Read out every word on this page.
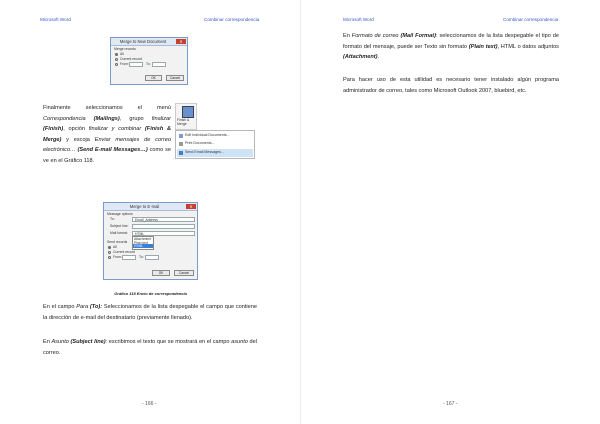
Microsoft Word	Combinar correspondencia
Merge to New Document	✕
Merge records
All
Current record
From:	To:
OK	Cancel

Finalmente seleccionamos el menú Correspondencia (Mailings), grupo finalizar (Finish), opción finalizar y combinar (Finish & Merge) y escoja Enviar mensajes de correo electrónico… (Send E-mail Messages…) como se ve en el Gráfico 118.

Finish & Merge
Edit Individual Documents...
Print Documents...
Send Email Messages...
Merge to E-mail	✕
Message options
To:	Email_Address
Subject line:
Mail format: HTML
Attachment
Plain text
HTML
Send records
All
Current record
From:	To:
OK	Cancel
Gráfico 118 Envío de correspondencia

En el campo Para (To): Seleccionamos de la lista despegable el campo que contiene la dirección de e-mail del destinatario (previamente llenado).

En Asunto (Subject line): escribimos el texto que se mostrará en el campo asunto del correo.

- 166 -
Microsoft Word	Combinar correspondencia

En Formato de correo (Mail Format): seleccionamos de la lista despegable el tipo de formato del mensaje, puede ser Texto sin formato (Plain text), HTML o datos adjuntos (Attachment).

Para hacer uso de esta utilidad es necesario tener instalado algún programa administrador de correo, tales como Microsoft Outlook 2007, bluebird, etc.

- 167 -
